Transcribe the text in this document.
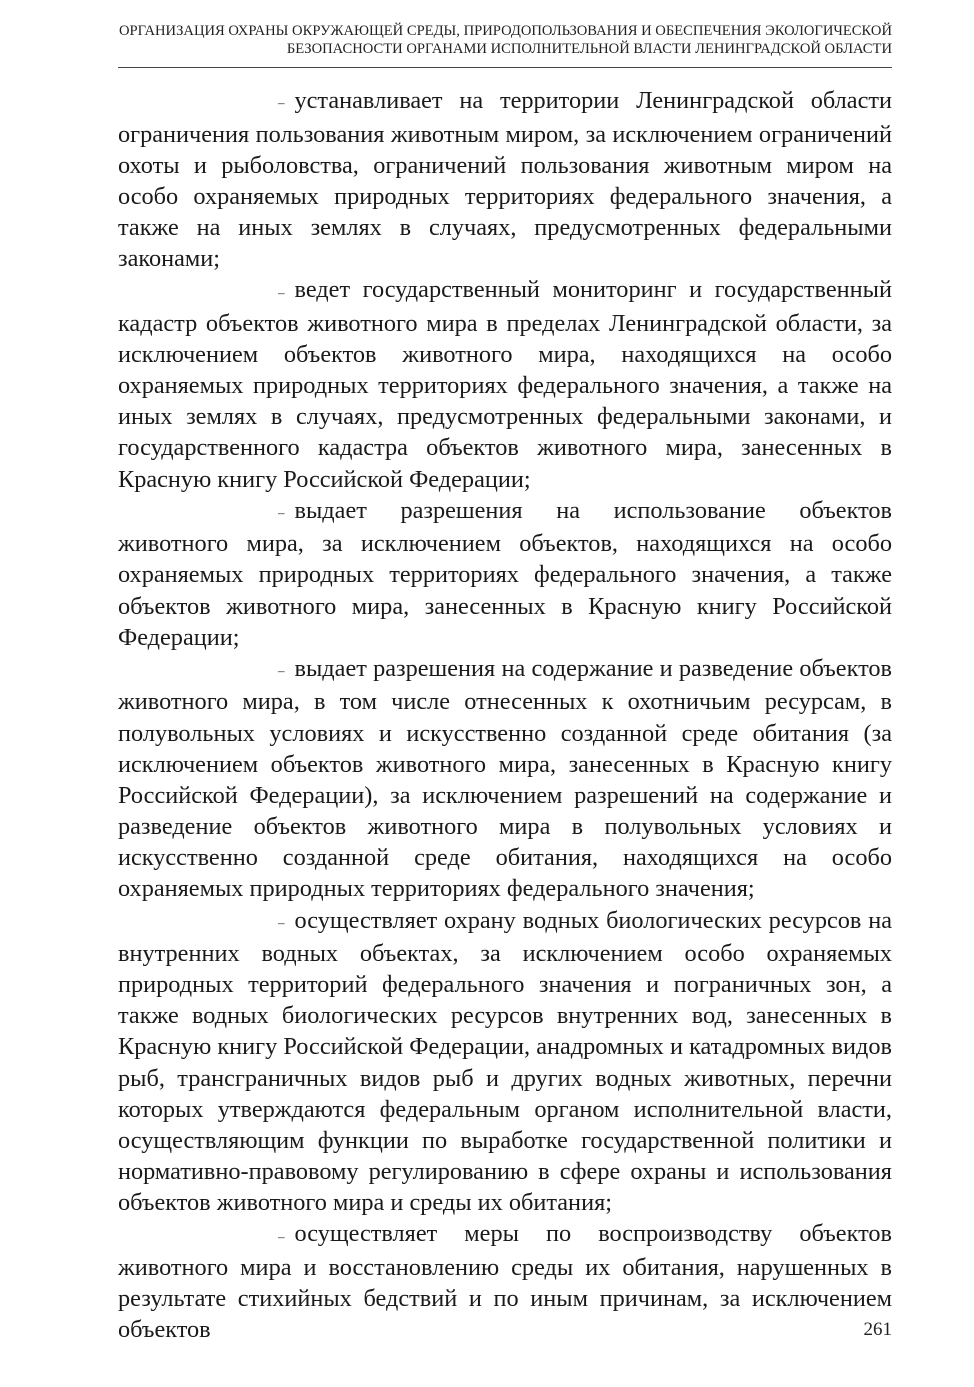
ОРГАНИЗАЦИЯ ОХРАНЫ ОКРУЖАЮЩЕЙ СРЕДЫ, ПРИРОДОПОЛЬЗОВАНИЯ И ОБЕСПЕЧЕНИЯ ЭКОЛОГИЧЕСКОЙ
БЕЗОПАСНОСТИ ОРГАНАМИ ИСПОЛНИТЕЛЬНОЙ ВЛАСТИ ЛЕНИНГРАДСКОЙ ОБЛАСТИ

– устанавливает на территории Ленинградской области ограничения пользования животным миром, за исключением ограничений охоты и рыболовства, ограничений пользования животным миром на особо охраняемых природных территориях федерального значения, а также на иных землях в случаях, предусмотренных федеральными законами;

– ведет государственный мониторинг и государственный кадастр объектов животного мира в пределах Ленинградской области, за исключением объектов животного мира, находящихся на особо охраняемых природных территориях федерального значения, а также на иных землях в случаях, предусмотренных федеральными законами, и государственного кадастра объектов животного мира, занесенных в Красную книгу Российской Федерации;

– выдает разрешения на использование объектов животного мира, за исключением объектов, находящихся на особо охраняемых природных территориях федерального значения, а также объектов животного мира, занесенных в Красную книгу Российской Федерации;

– выдает разрешения на содержание и разведение объектов животного мира, в том числе отнесенных к охотничьим ресурсам, в полувольных условиях и искусственно созданной среде обитания (за исключением объектов животного мира, занесенных в Красную книгу Российской Федерации), за исключением разрешений на содержание и разведение объектов животного мира в полувольных условиях и искусственно созданной среде обитания, находящихся на особо охраняемых природных территориях федерального значения;

– осуществляет охрану водных биологических ресурсов на внутренних водных объектах, за исключением особо охраняемых природных территорий федерального значения и пограничных зон, а также водных биологических ресурсов внутренних вод, занесенных в Красную книгу Российской Федерации, анадромных и катадромных видов рыб, трансграничных видов рыб и других водных животных, перечни которых утверждаются федеральным органом исполнительной власти, осуществляющим функции по выработке государственной политики и нормативно-правовому регулированию в сфере охраны и использования объектов животного мира и среды их обитания;

– осуществляет меры по воспроизводству объектов животного мира и восстановлению среды их обитания, нарушенных в результате стихийных бедствий и по иным причинам, за исключением объектов	261
